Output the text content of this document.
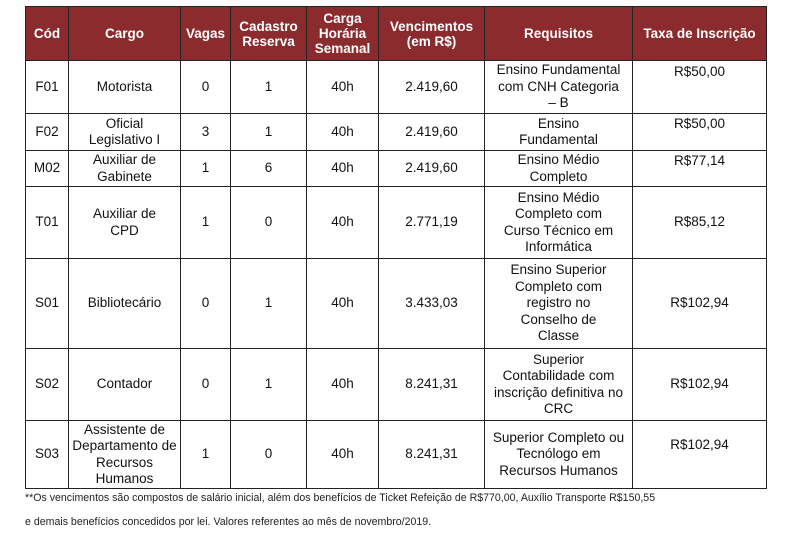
Cód	Cargo	Vagas	Cadastro Reserva	Carga Horária Semanal	Vencimentos (em R$)	Requisitos	Taxa de Inscrição
F01	Motorista	0	1	40h	2.419,60	Ensino Fundamental com CNH Categoria – B	R$50,00
F02	Oficial Legislativo I	3	1	40h	2.419,60	Ensino Fundamental	R$50,00
M02	Auxiliar de Gabinete	1	6	40h	2.419,60	Ensino Médio Completo	R$77,14
T01	Auxiliar de CPD	1	0	40h	2.771,19	Ensino Médio Completo com Curso Técnico em Informática	R$85,12
S01	Bibliotecário	0	1	40h	3.433,03	Ensino Superior Completo com registro no Conselho de Classe	R$102,94
S02	Contador	0	1	40h	8.241,31	Superior Contabilidade com inscrição definitiva no CRC	R$102,94
S03	Assistente de Departamento de Recursos Humanos	1	0	40h	8.241,31	Superior Completo ou Tecnólogo em Recursos Humanos	R$102,94
**Os vencimentos são compostos de salário inicial, além dos benefícios de Ticket Refeição de R$770,00, Auxílio Transporte R$150,55
e demais benefícios concedidos por lei. Valores referentes ao mês de novembro/2019.
